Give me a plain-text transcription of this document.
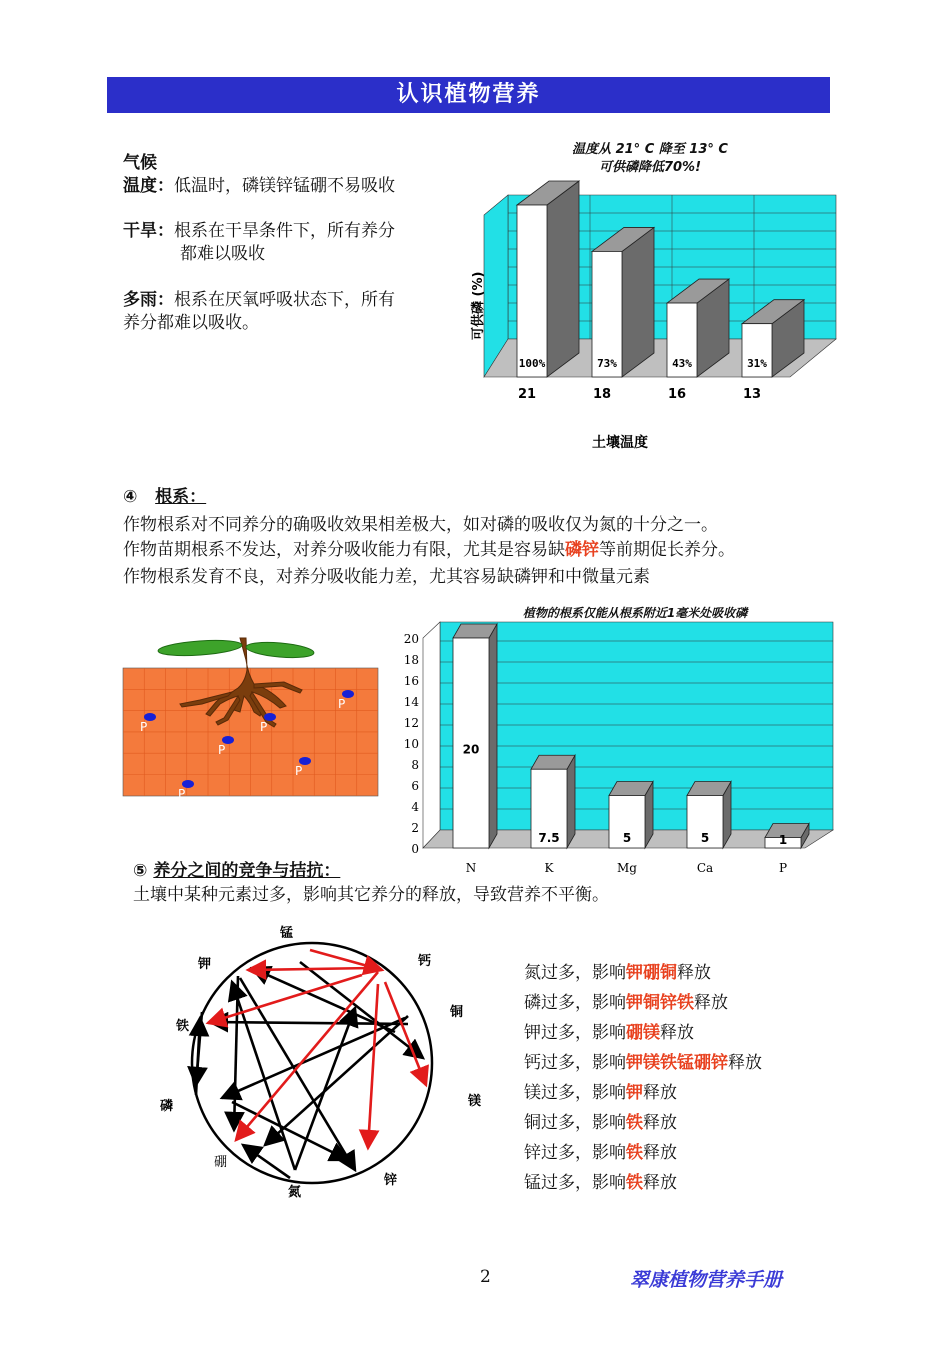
认识植物营养
气候
温度：低温时，磷镁锌锰硼不易吸收
干旱：根系在干旱条件下，所有养分
都难以吸收
多雨：根系在厌氧呼吸状态下，所有
养分都难以吸收。
温度从 21° C 降至 13° C
可供磷降低70%!
100%	73%	43%	31%
21	18	16	13
可供磷 (%)
土壤温度
④ 根系：
作物根系对不同养分的确吸收效果相差极大，如对磷的吸收仅为氮的十分之一。
作物苗期根系不发达，对养分吸收能力有限，尤其是容易缺磷锌等前期促长养分。
作物根系发育不良，对养分吸收能力差，尤其容易缺磷钾和中微量元素
P
P
P
P
P
P
植物的根系仅能从根系附近1毫米处吸收磷
0
2
4
6
8
10
12
14
16
18
20
20
7.5	5	5	1
N	K	Mg	Ca	P
⑤ 养分之间的竞争与拮抗：
土壤中某种元素过多，影响其它养分的释放，导致营养不平衡。
锰
钙
铜
镁
锌
氮
硼
磷
铁
钾	氮过多，影响钾硼铜释放
磷过多，影响钾铜锌铁释放
钾过多，影响硼镁释放
钙过多，影响钾镁铁锰硼锌释放
镁过多，影响钾释放
铜过多，影响铁释放
锌过多，影响铁释放
锰过多，影响铁释放
2	翠康植物营养手册
